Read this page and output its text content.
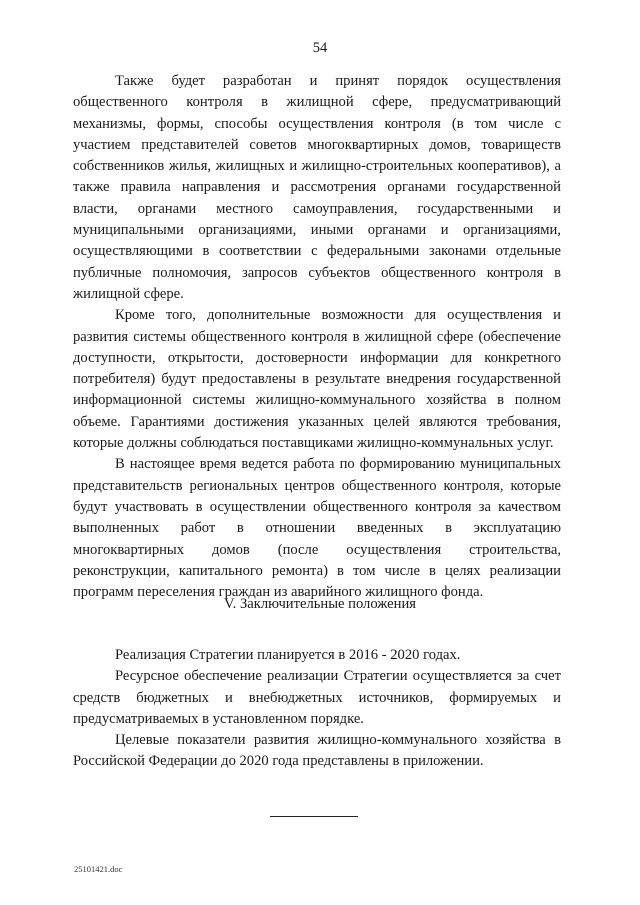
54

Также будет разработан и принят порядок осуществления общественного контроля в жилищной сфере, предусматривающий механизмы, формы, способы осуществления контроля (в том числе с участием представителей советов многоквартирных домов, товариществ собственников жилья, жилищных и жилищно-строительных кооперативов), а также правила направления и рассмотрения органами государственной власти, органами местного самоуправления, государственными и муниципальными организациями, иными органами и организациями, осуществляющими в соответствии с федеральными законами отдельные публичные полномочия, запросов субъектов общественного контроля в жилищной сфере.

Кроме того, дополнительные возможности для осуществления и развития системы общественного контроля в жилищной сфере (обеспечение доступности, открытости, достоверности информации для конкретного потребителя) будут предоставлены в результате внедрения государственной информационной системы жилищно-коммунального хозяйства в полном объеме. Гарантиями достижения указанных целей являются требования, которые должны соблюдаться поставщиками жилищно-коммунальных услуг.

В настоящее время ведется работа по формированию муниципальных представительств региональных центров общественного контроля, которые будут участвовать в осуществлении общественного контроля за качеством выполненных работ в отношении введенных в эксплуатацию многоквартирных домов (после осуществления строительства, реконструкции, капитального ремонта) в том числе в целях реализации программ переселения граждан из аварийного жилищного фонда.

V. Заключительные положения

Реализация Стратегии планируется в 2016 - 2020 годах.

Ресурсное обеспечение реализации Стратегии осуществляется за счет средств бюджетных и внебюджетных источников, формируемых и предусматриваемых в установленном порядке.

Целевые показатели развития жилищно-коммунального хозяйства в Российской Федерации до 2020 года представлены в приложении.

25101421.doc
